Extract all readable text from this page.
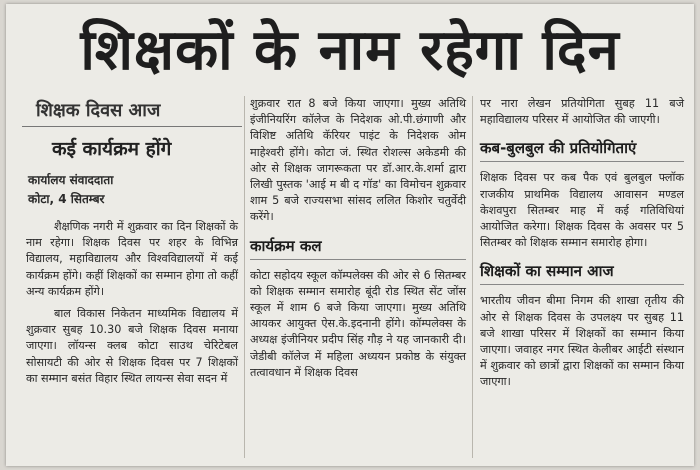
शिक्षकों के नाम रहेगा दिन
शिक्षक दिवस आज
कई कार्यक्रम होंगे
कार्यालय संवाददाता
कोटा, 4 सितम्बर

शैक्षणिक नगरी में शुक्रवार का दिन शिक्षकों के नाम रहेगा। शिक्षक दिवस पर शहर के विभिन्न विद्यालय, महाविद्यालय और विश्वविद्यालयों में कई कार्यक्रम होंगे। कहीं शिक्षकों का सम्मान होगा तो कहीं अन्य कार्यक्रम होंगे।

बाल विकास निकेतन माध्यमिक विद्यालय में शुक्रवार सुबह 10.30 बजे शिक्षक दिवस मनाया जाएगा। लॉयन्स क्लब कोटा साउथ चेरिटेबल सोसायटी की ओर से शिक्षक दिवस पर 7 शिक्षकों का सम्मान बसंत विहार स्थित लायन्स सेवा सदन में

शुक्रवार रात 8 बजे किया जाएगा। मुख्य अतिथि इंजीनियरिंग कॉलेज के निदेशक ओ.पी.छंगाणी और विशिष्ट अतिथि कॅरियर पाइंट के निदेशक ओम माहेश्वरी होंगे। कोटा जं. स्थित रोशल्स अकेडमी की ओर से शिक्षक जागरूकता पर डॉ.आर.के.शर्मा द्वारा लिखी पुस्तक 'आई म बी द गॉड' का विमोचन शुक्रवार शाम 5 बजे राज्यसभा सांसद ललित किशोर चतुर्वेदी करेंगे।

कार्यक्रम कल

कोटा सहोदय स्कूल कॉम्पलेक्स की ओर से 6 सितम्बर को शिक्षक सम्मान समारोह बूंदी रोड स्थित सेंट जोंस स्कूल में शाम 6 बजे किया जाएगा। मुख्य अतिथि आयकर आयुक्त ऐस.के.इदनानी होंगे। कॉम्पलेक्स के अध्यक्ष इंजीनियर प्रदीप सिंह गौड़ ने यह जानकारी दी। जेडीबी कॉलेज में महिला अध्ययन प्रकोष्ठ के संयुक्त तत्वावधान में शिक्षक दिवस

पर नारा लेखन प्रतियोगिता सुबह 11 बजे महाविद्यालय परिसर में आयोजित की जाएगी।

कब-बुलबुल की प्रतियोगिताएं

शिक्षक दिवस पर कब पैक एवं बुलबुल फ्लॉक राजकीय प्राथमिक विद्यालय आवासन मण्डल केशवपुरा सितम्बर माह में कई गतिविधियां आयोजित करेगा। शिक्षक दिवस के अवसर पर 5 सितम्बर को शिक्षक सम्मान समारोह होगा।

शिक्षकों का सम्मान आज

भारतीय जीवन बीमा निगम की शाखा तृतीय की ओर से शिक्षक दिवस के उपलक्ष्य पर सुबह 11 बजे शाखा परिसर में शिक्षकों का सम्मान किया जाएगा। जवाहर नगर स्थित केलीबर आईटी संस्थान में शुक्रवार को छात्रों द्वारा शिक्षकों का सम्मान किया जाएगा।
